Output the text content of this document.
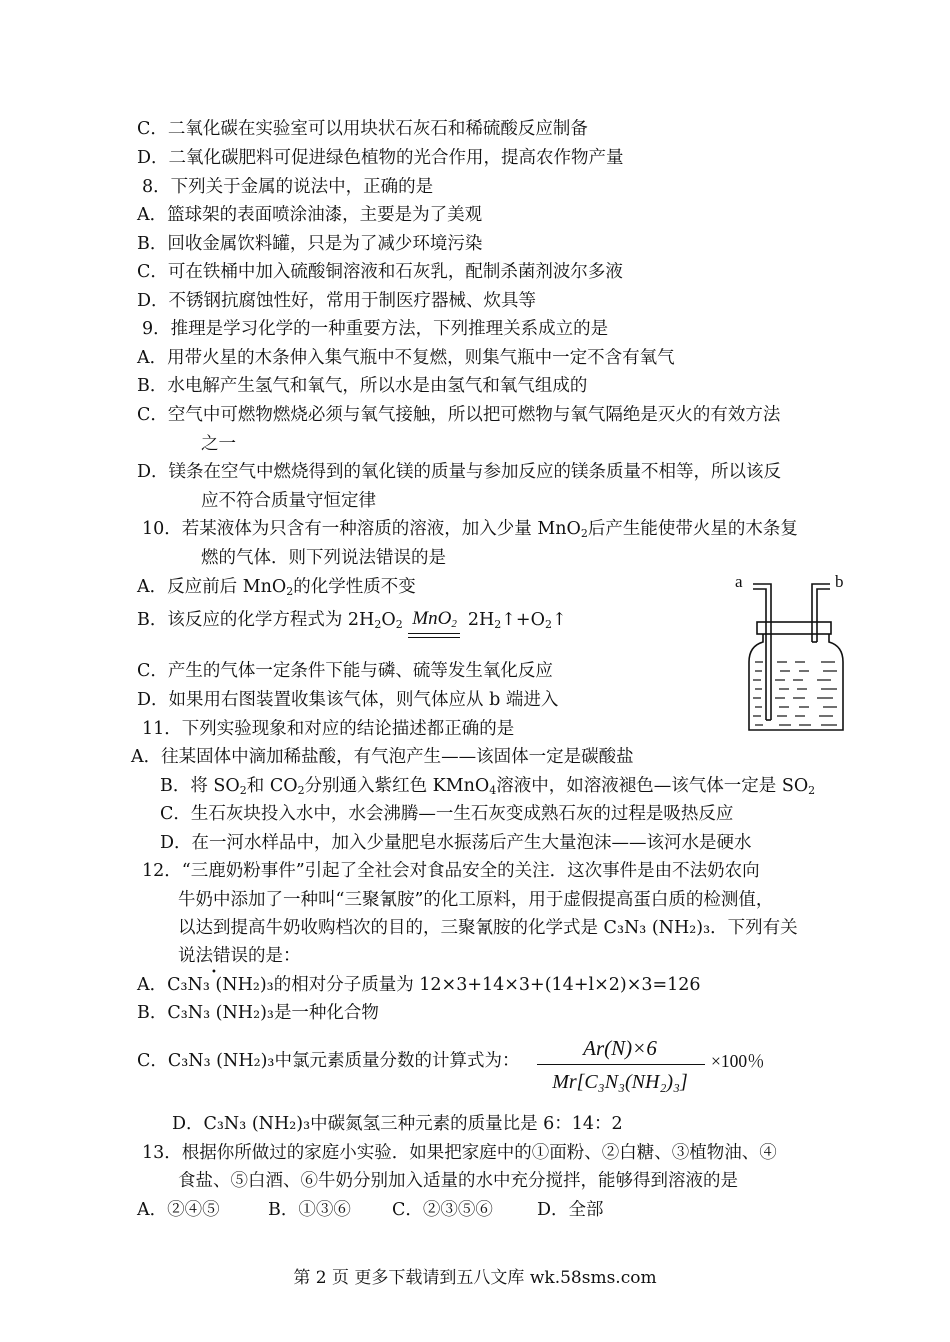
C．二氧化碳在实验室可以用块状石灰石和稀硫酸反应制备
D．二氧化碳肥料可促进绿色植物的光合作用，提高农作物产量
8．下列关于金属的说法中，正确的是
A．篮球架的表面喷涂油漆，主要是为了美观
B．回收金属饮料罐，只是为了减少环境污染
C．可在铁桶中加入硫酸铜溶液和石灰乳，配制杀菌剂波尔多液
D．不锈钢抗腐蚀性好，常用于制医疗器械、炊具等
9．推理是学习化学的一种重要方法，下列推理关系成立的是
A．用带火星的木条伸入集气瓶中不复燃，则集气瓶中一定不含有氧气
B．水电解产生氢气和氧气，所以水是由氢气和氧气组成的
C．空气中可燃物燃烧必须与氧气接触，所以把可燃物与氧气隔绝是灭火的有效方法
之一
D．镁条在空气中燃烧得到的氧化镁的质量与参加反应的镁条质量不相等，所以该反
应不符合质量守恒定律
10．若某液体为只含有一种溶质的溶液，加入少量 MnO$_2$后产生能使带火星的木条复
燃的气体．则下列说法错误的是
A．反应前后 MnO$_2$的化学性质不变
B．该反应的化学方程式为 $2H_2O_2$ MnO$_2$ $2H_2↑+O_2↑$
C．产生的气体一定条件下能与磷、硫等发生氧化反应
D．如果用右图装置收集该气体，则气体应从 b 端进入
a	b
11．下列实验现象和对应的结论描述都正确的是
A．往某固体中滴加稀盐酸，有气泡产生——该固体一定是碳酸盐
B．将 $SO_2$和 $CO_2$分别通入紫红色 KMnO$_4$溶液中，如溶液褪色—该气体一定是 $SO_2$
C．生石灰块投入水中，水会沸腾—一生石灰变成熟石灰的过程是吸热反应
D．在一河水样品中，加入少量肥皂水振荡后产生大量泡沫——该河水是硬水
12．“三鹿奶粉事件”引起了全社会对食品安全的关注．这次事件是由不法奶农向
牛奶中添加了一种叫“三聚氰胺”的化工原料，用于虚假提高蛋白质的检测值，
以达到提高牛奶收购档次的目的，三聚氰胺的化学式是 C₃N₃ (NH₂)₃．下列有关
说法错误的是：
•
A．C₃N₃ (NH₂)₃的相对分子质量为 12×3+14×3+(14+l×2)×3=126
B．C₃N₃ (NH₂)₃是一种化合物
C．C₃N₃ (NH₂)₃中氯元素质量分数的计算式为：
Ar(N)×6
Mr[C₃N₃(NH₂)₃]
×100％
D．C₃N₃ (NH₂)₃中碳氮氢三种元素的质量比是 6：14：2
13．根据你所做过的家庭小实验．如果把家庭中的①面粉、②白糖、③植物油、④
食盐、⑤白酒、⑥牛奶分别加入适量的水中充分搅拌，能够得到溶液的是
A．②④⑤	B．①③⑥ C．②③⑤⑥	D．全部
第 2 页 更多下载请到五八文库 wk.58sms.com
